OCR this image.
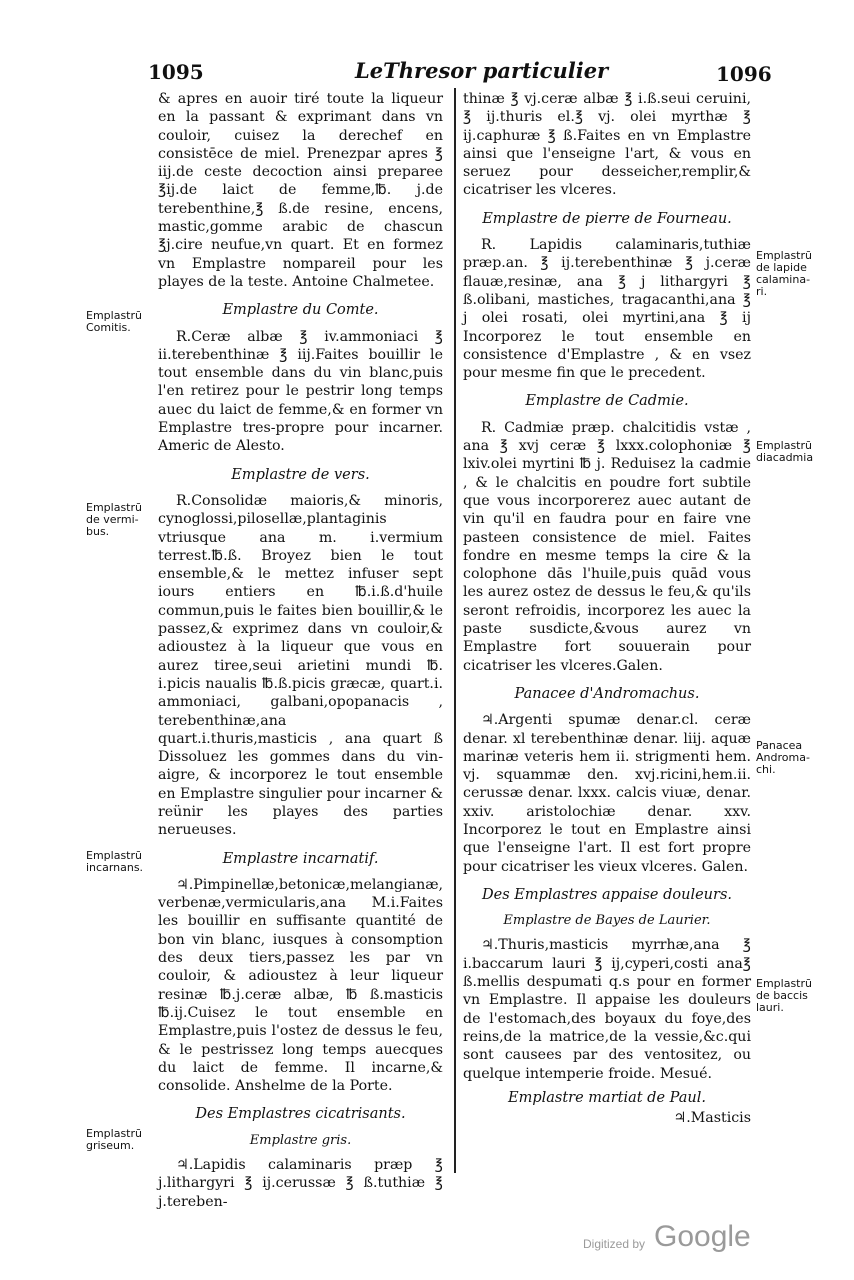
1095	LeThresor particulier	1096

& apres en auoir tiré toute la liqueur en la passant & exprimant dans vn couloir, cuisez la derechef en consistēce de miel. Prenezpar apres ℥ iij.de ceste decoction ainsi preparee ℥ij.de laict de femme,℔. j.de terebenthine,℥ ß.de resine, encens, mastic,gomme arabic de chascun ℥j.cire neufue,vn quart. Et en formez vn Emplastre nompareil pour les playes de la teste. Antoine Chalmetee.

Emplastre du Comte.

R.Ceræ albæ ℥ iv.ammoniaci ℥ ii.terebenthinæ ℥ iij.Faites bouillir le tout ensemble dans du vin blanc,puis l'en retirez pour le pestrir long temps auec du laict de femme,& en former vn Emplastre tres-propre pour incarner. Americ de Alesto.

Emplastre de vers.

R.Consolidæ maioris,& minoris, cynoglossi,pilosellæ,plantaginis vtriusque ana m. i.vermium terrest.℔.ß. Broyez bien le tout ensemble,& le mettez infuser sept iours entiers en ℔.i.ß.d'huile commun,puis le faites bien bouillir,& le passez,& exprimez dans vn couloir,& adioustez à la liqueur que vous en aurez tiree,seui arietini mundi ℔. i.picis naualis ℔.ß.picis græcæ, quart.i. ammoniaci, galbani,opopanacis , terebenthinæ,ana quart.i.thuris,masticis , ana quart ß Dissoluez les gommes dans du vin-aigre, & incorporez le tout ensemble en Emplastre singulier pour incarner & reünir les playes des parties nerueuses.

Emplastre incarnatif.

♃.Pimpinellæ,betonicæ,melangianæ, verbenæ,vermicularis,ana M.i.Faites les bouillir en suffisante quantité de bon vin blanc, iusques à consomption des deux tiers,passez les par vn couloir, & adioustez à leur liqueur resinæ ℔.j.ceræ albæ, ℔ ß.masticis ℔.ij.Cuisez le tout ensemble en Emplastre,puis l'ostez de dessus le feu, & le pestrissez long temps auecques du laict de femme. Il incarne,& consolide. Anshelme de la Porte.

Des Emplastres cicatrisants.
Emplastre gris.

♃.Lapidis calaminaris præp ℥ j.lithargyri ℥ ij.cerussæ ℥ ß.tuthiæ ℥ j.tereben-

thinæ ℥ vj.ceræ albæ ℥ i.ß.seui ceruini, ℥ ij.thuris el.℥ vj. olei myrthæ ℥ ij.caphuræ ℥ ß.Faites en vn Emplastre ainsi que l'enseigne l'art, & vous en seruez pour desseicher,remplir,& cicatriser les vlceres.

Emplastre de pierre de Fourneau.

R. Lapidis calaminaris,tuthiæ præp.an. ℥ ij.terebenthinæ ℥ j.ceræ flauæ,resinæ, ana ℥ j lithargyri ℥ ß.olibani, mastiches, tragacanthi,ana ℥ j olei rosati, olei myrtini,ana ℥ ij Incorporez le tout ensemble en consistence d'Emplastre , & en vsez pour mesme fin que le precedent.

Emplastre de Cadmie.

R. Cadmiæ præp. chalcitidis vstæ , ana ℥ xvj ceræ ℥ lxxx.colophoniæ ℥ lxiv.olei myrtini ℔ j. Reduisez la cadmie , & le chalcitis en poudre fort subtile que vous incorporerez auec autant de vin qu'il en faudra pour en faire vne pasteen consistence de miel. Faites fondre en mesme temps la cire & la colophone dās l'huile,puis quād vous les aurez ostez de dessus le feu,& qu'ils seront refroidis, incorporez les auec la paste susdicte,&vous aurez vn Emplastre fort souuerain pour cicatriser les vlceres.Galen.

Panacee d'Andromachus.

♃.Argenti spumæ denar.cl. ceræ denar. xl terebenthinæ denar. liij. aquæ marinæ veteris hem ii. strigmenti hem. vj. squammæ den. xvj.ricini,hem.ii. cerussæ denar. lxxx. calcis viuæ, denar. xxiv. aristolochiæ denar. xxv. Incorporez le tout en Emplastre ainsi que l'enseigne l'art. Il est fort propre pour cicatriser les vieux vlceres. Galen.

Des Emplastres appaise douleurs.
Emplastre de Bayes de Laurier.

♃.Thuris,masticis myrrhæ,ana ℥ i.baccarum lauri ℥ ij,cyperi,costi ana℥ ß.mellis despumati q.s pour en former vn Emplastre. Il appaise les douleurs de l'estomach,des boyaux du foye,des reins,de la matrice,de la vessie,&c.qui sont causees par des ventositez, ou quelque intemperie froide. Mesué.

Emplastre martiat de Paul.

♃.Masticis

Emplastrū
Comitis.
Emplastrū
de vermi-
bus.
Emplastrū
incarnans.
Emplastrū
griseum.
Emplastrū
de lapide
calamina-
ri.
Emplastrū
diacadmia
Panacea
Androma-
chi.
Emplastrū
de baccis
lauri.
Digitized by Google
